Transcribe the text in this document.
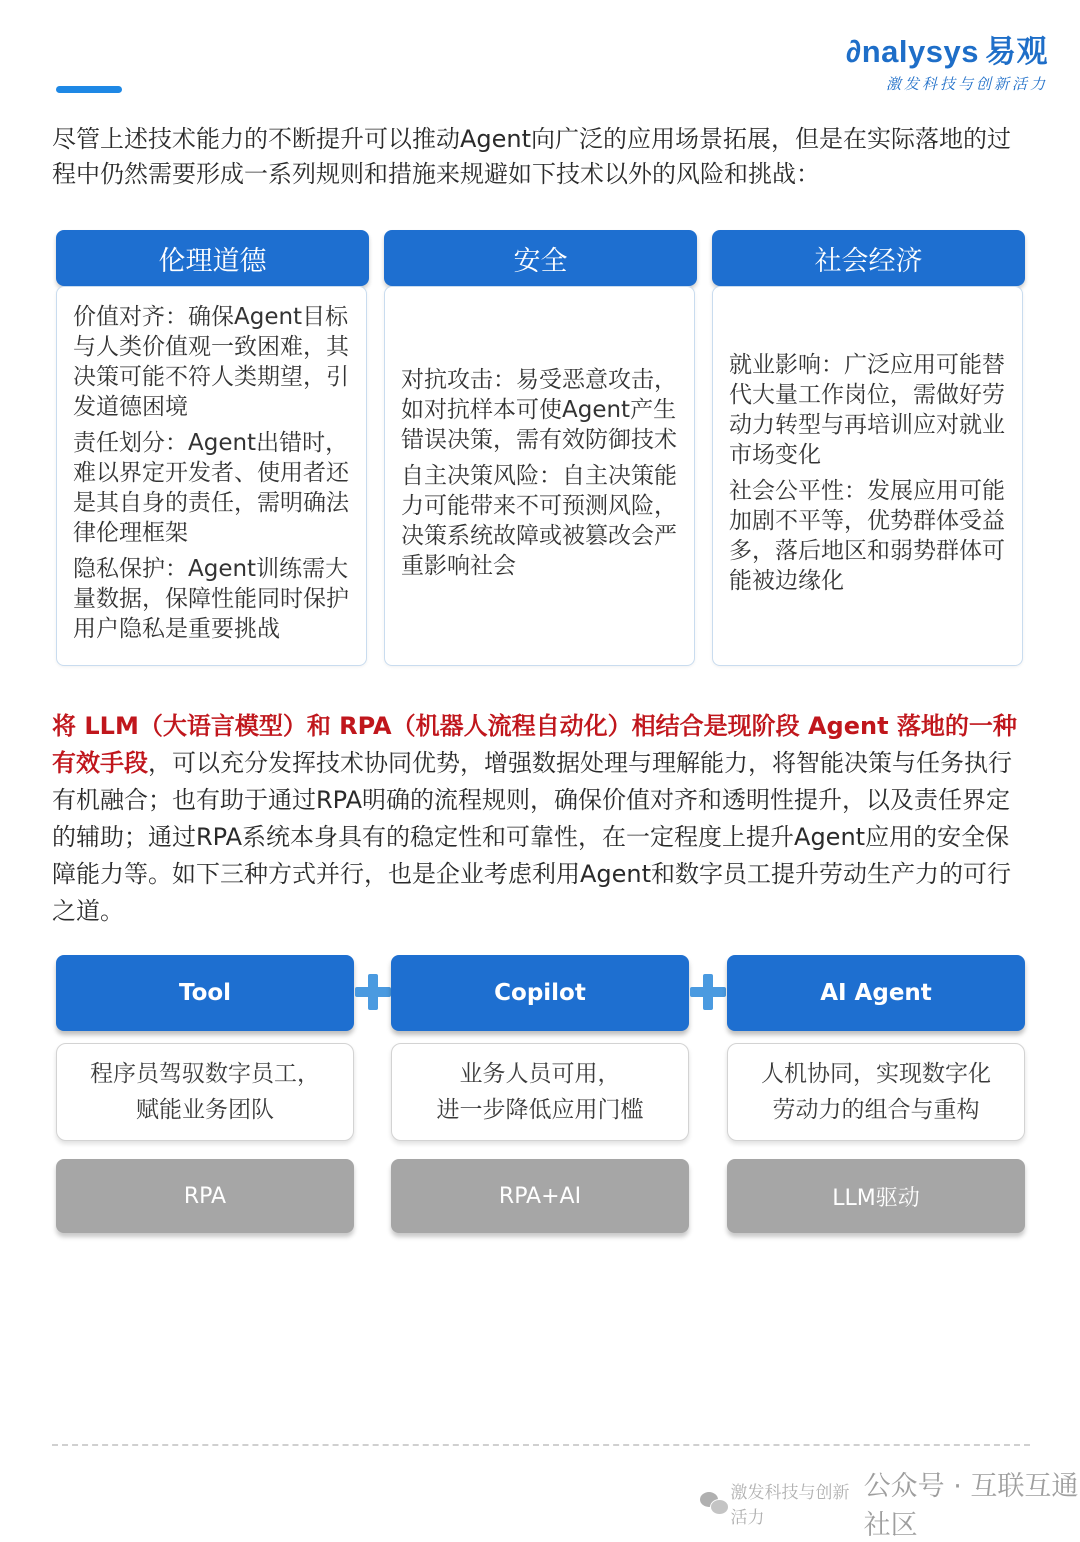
∂nalysys 易观
激发科技与创新活力
尽管上述技术能力的不断提升可以推动Agent向广泛的应用场景拓展，但是在实际落地的过程中仍然需要形成一系列规则和措施来规避如下技术以外的风险和挑战：
伦理道德

价值对齐：确保Agent目标与人类价值观一致困难，其决策可能不符人类期望，引发道德困境

责任划分：Agent出错时，难以界定开发者、使用者还是其自身的责任，需明确法律伦理框架

隐私保护：Agent训练需大量数据，保障性能同时保护用户隐私是重要挑战

安全

对抗攻击：易受恶意攻击，如对抗样本可使Agent产生错误决策，需有效防御技术

自主决策风险：自主决策能力可能带来不可预测风险，决策系统故障或被篡改会严重影响社会

社会经济

就业影响：广泛应用可能替代大量工作岗位，需做好劳动力转型与再培训应对就业市场变化

社会公平性：发展应用可能加剧不平等，优势群体受益多，落后地区和弱势群体可能被边缘化

将 LLM（大语言模型）和 RPA（机器人流程自动化）相结合是现阶段 Agent 落地的一种有效手段，可以充分发挥技术协同优势，增强数据处理与理解能力，将智能决策与任务执行有机融合；也有助于通过RPA明确的流程规则，确保价值对齐和透明性提升，以及责任界定的辅助；通过RPA系统本身具有的稳定性和可靠性，在一定程度上提升Agent应用的安全保障能力等。如下三种方式并行，也是企业考虑利用Agent和数字员工提升劳动生产力的可行之道。
Tool
程序员驾驭数字员工，
赋能业务团队
RPA
Copilot
业务人员可用，
进一步降低应用门槛
RPA+AI
AI Agent
人机协同，实现数字化
劳动力的组合与重构
LLM驱动
激发科技与创新活力
公众号 · 互联互通社区
